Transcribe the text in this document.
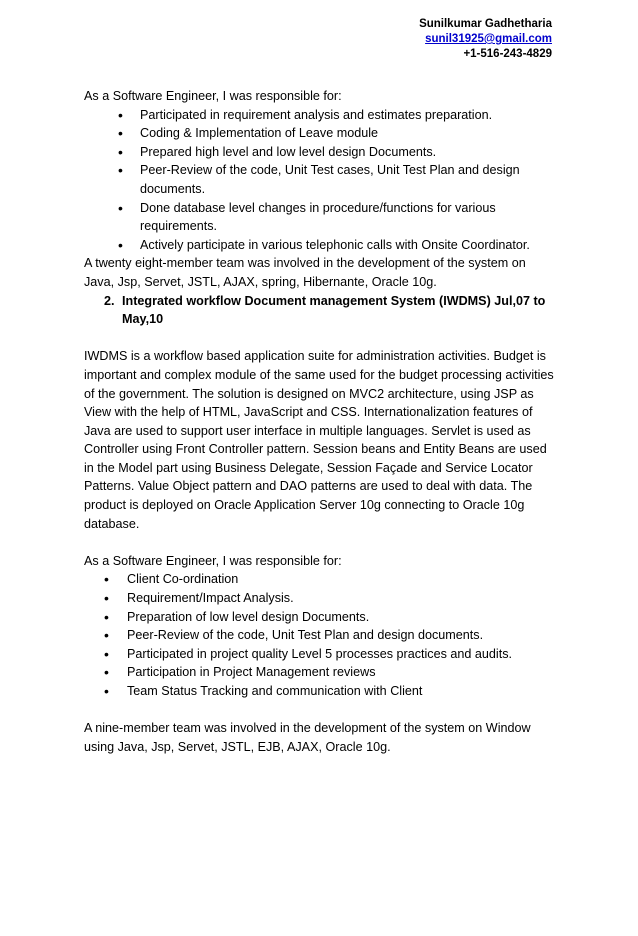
Sunilkumar Gadhetharia
sunil31925@gmail.com
+1-516-243-4829

As a Software Engineer, I was responsible for:

• Participated in requirement analysis and estimates preparation.
• Coding & Implementation of Leave module
• Prepared high level and low level design Documents.
• Peer-Review of the code, Unit Test cases, Unit Test Plan and design documents.
• Done database level changes in procedure/functions for various requirements.
• Actively participate in various telephonic calls with Onsite Coordinator.

A twenty eight-member team was involved in the development of the system on Java, Jsp, Servet, JSTL, AJAX, spring, Hibernante, Oracle 10g.

2. Integrated workflow Document management System (IWDMS) Jul,07 to May,10

IWDMS is a workflow based application suite for administration activities. Budget is important and complex module of the same used for the budget processing activities of the government. The solution is designed on MVC2 architecture, using JSP as View with the help of HTML, JavaScript and CSS. Internationalization features of Java are used to support user interface in multiple languages. Servlet is used as Controller using Front Controller pattern. Session beans and Entity Beans are used in the Model part using Business Delegate, Session Façade and Service Locator Patterns. Value Object pattern and DAO patterns are used to deal with data. The product is deployed on Oracle Application Server 10g connecting to Oracle 10g database.

As a Software Engineer, I was responsible for:

• Client Co-ordination
• Requirement/Impact Analysis.
• Preparation of low level design Documents.
• Peer-Review of the code, Unit Test Plan and design documents.
• Participated in project quality Level 5 processes practices and audits.
• Participation in Project Management reviews
• Team Status Tracking and communication with Client

A nine-member team was involved in the development of the system on Window using Java, Jsp, Servet, JSTL, EJB, AJAX, Oracle 10g.
